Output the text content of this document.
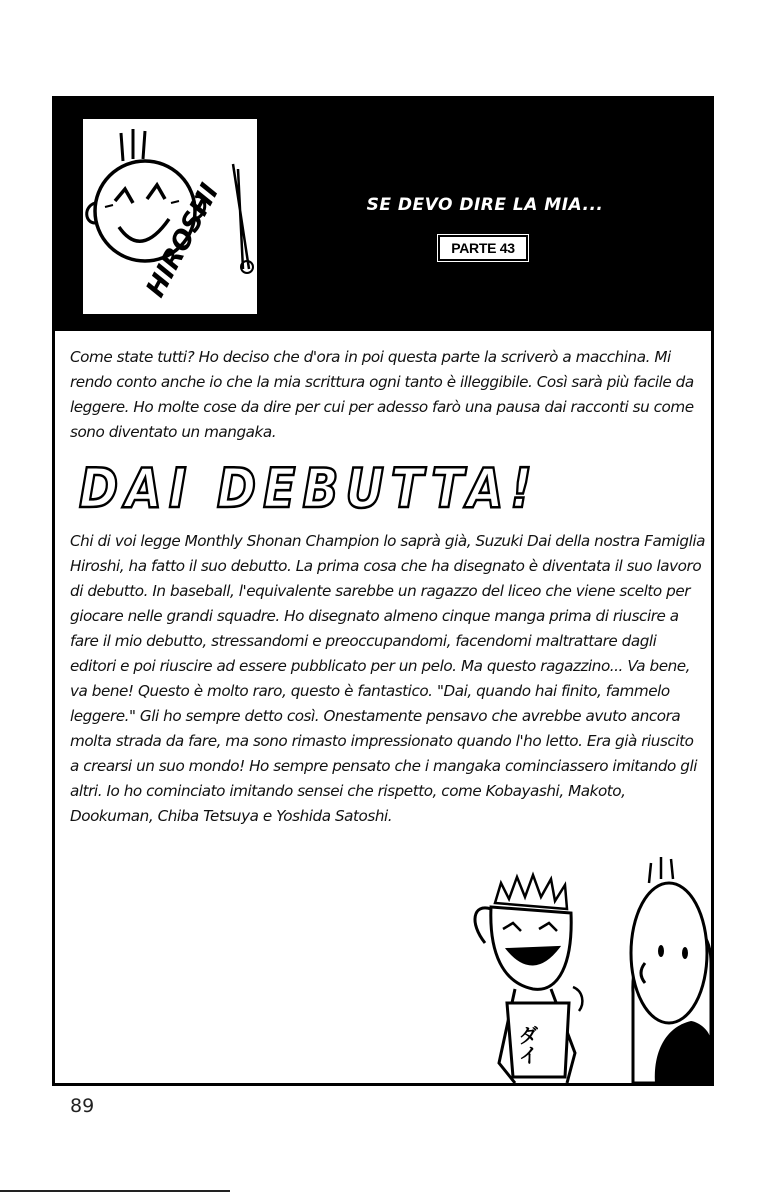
HIROSHI	SE DEVO DIRE LA MIA...
PARTE 43

Come state tutti? Ho deciso che d'ora in poi questa parte la scriverò a macchina. Mi rendo conto anche io che la mia scrittura ogni tanto è illeggibile. Così sarà più facile da leggere. Ho molte cose da dire per cui per adesso farò una pausa dai racconti su come sono diventato un mangaka.

DAI DEBUTTA!

Chi di voi legge Monthly Shonan Champion lo saprà già, Suzuki Dai della nostra Famiglia Hiroshi, ha fatto il suo debutto. La prima cosa che ha disegnato è diventata il suo lavoro di debutto. In baseball, l'equivalente sarebbe un ragazzo del liceo che viene scelto per giocare nelle grandi squadre. Ho disegnato almeno cinque manga prima di riuscire a fare il mio debutto, stressandomi e preoccupandomi, facendomi maltrattare dagli editori e poi riuscire ad essere pubblicato per un pelo. Ma questo ragazzino... Va bene, va bene! Questo è molto raro, questo è fantastico. "Dai, quando hai finito, fammelo leggere." Gli ho sempre detto così. Onestamente pensavo che avrebbe avuto ancora molta strada da fare, ma sono rimasto impressionato quando l'ho letto. Era già riuscito a crearsi un suo mondo! Ho sempre pensato che i mangaka cominciassero imitando gli altri. Io ho cominciato imitando sensei che rispetto, come Kobayashi, Makoto, Dookuman, Chiba Tetsuya e Yoshida Satoshi.

ダイ
89
